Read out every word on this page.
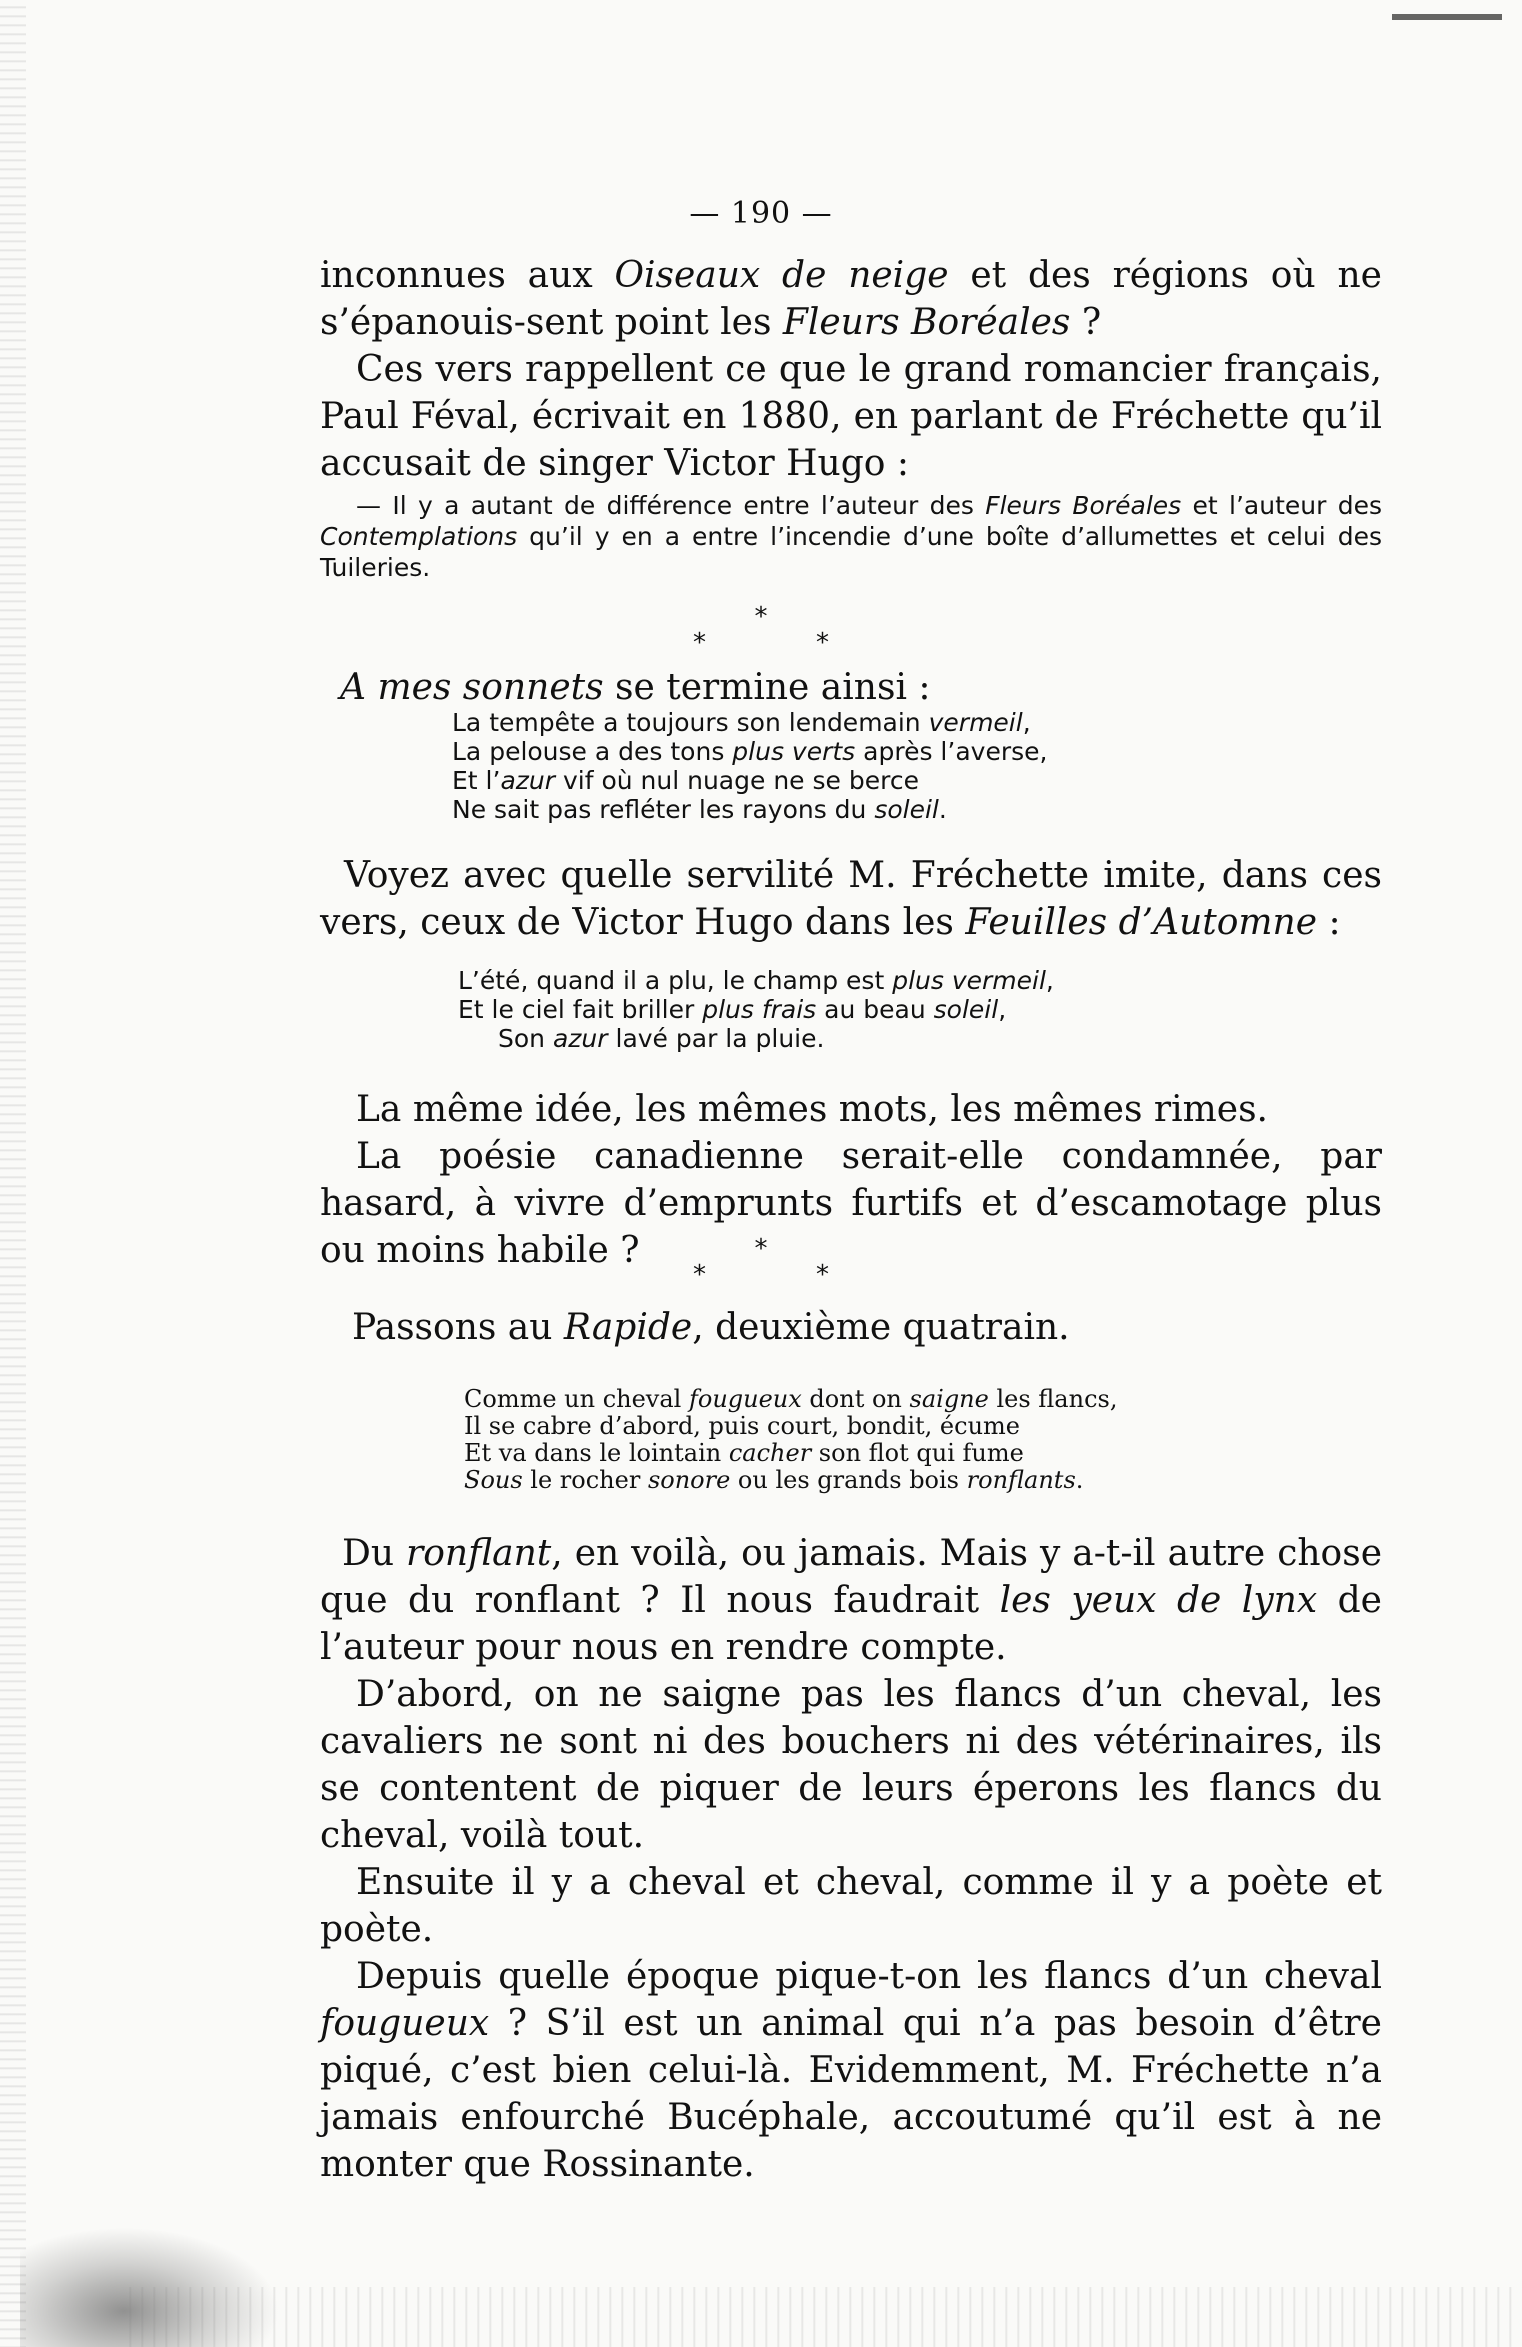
— 190 —

inconnues aux Oiseaux de neige et des régions où ne s’épanouis-sent point les Fleurs Boréales ?

Ces vers rappellent ce que le grand romancier français, Paul Féval, écrivait en 1880, en parlant de Fréchette qu’il accusait de singer Victor Hugo :

— Il y a autant de différence entre l’auteur des Fleurs Boréales et l’auteur des Contemplations qu’il y en a entre l’incendie d’une boîte d’allumettes et celui des Tuileries.

*
**

A mes sonnets se termine ainsi :

La tempête a toujours son lendemain vermeil,
La pelouse a des tons plus verts après l’averse,
Et l’azur vif où nul nuage ne se berce
Ne sait pas refléter les rayons du soleil.

Voyez avec quelle servilité M. Fréchette imite, dans ces vers, ceux de Victor Hugo dans les Feuilles d’Automne :

L’été, quand il a plu, le champ est plus vermeil,
Et le ciel fait briller plus frais au beau soleil,
Son azur lavé par la pluie.

La même idée, les mêmes mots, les mêmes rimes.

La poésie canadienne serait-elle condamnée, par hasard, à vivre d’emprunts furtifs et d’escamotage plus ou moins habile ?	*
**

Passons au Rapide, deuxième quatrain.

Comme un cheval fougueux dont on saigne les flancs,
Il se cabre d’abord, puis court, bondit, écume
Et va dans le lointain cacher son flot qui fume
Sous le rocher sonore ou les grands bois ronflants.

Du ronflant, en voilà, ou jamais. Mais y a-t-il autre chose que du ronflant ? Il nous faudrait les yeux de lynx de l’auteur pour nous en rendre compte.

D’abord, on ne saigne pas les flancs d’un cheval, les cavaliers ne sont ni des bouchers ni des vétérinaires, ils se contentent de piquer de leurs éperons les flancs du cheval, voilà tout.

Ensuite il y a cheval et cheval, comme il y a poète et poète.

Depuis quelle époque pique-t-on les flancs d’un cheval fougueux ? S’il est un animal qui n’a pas besoin d’être piqué, c’est bien celui-là. Evidemment, M. Fréchette n’a jamais enfourché Bucéphale, accoutumé qu’il est à ne monter que Rossinante.
